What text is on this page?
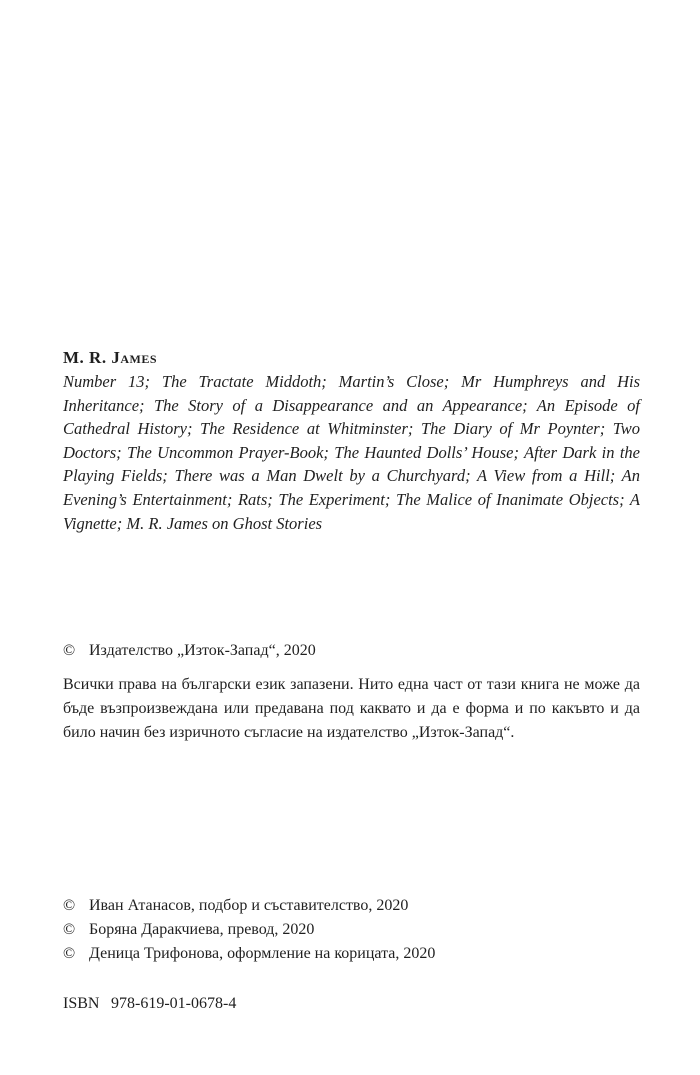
M. R. James
Number 13; The Tractate Middoth; Martin’s Close; Mr Humphreys and His Inheritance; The Story of a Disappearance and an Appearance; An Episode of Cathedral History; The Residence at Whitminster; The Diary of Mr Poynter; Two Doctors; The Uncommon Prayer-Book; The Haunted Dolls’ House; After Dark in the Playing Fields; There was a Man Dwelt by a Churchyard; A View from a Hill; An Evening’s Entertainment; Rats; The Experiment; The Malice of Inanimate Objects; A Vignette; M. R. James on Ghost Stories
© Издателство „Изток-Запад“, 2020
Всички права на български език запазени. Нито една част от тази книга не може да бъде възпроизвеждана или предавана под каквато и да е форма и по какъвто и да било начин без изричното съгласие на издателство „Изток-Запад“.
© Иван Атанасов, подбор и съставителство, 2020
© Боряна Даракчиева, превод, 2020
© Деница Трифонова, оформление на корицата, 2020
ISBN 978-619-01-0678-4
